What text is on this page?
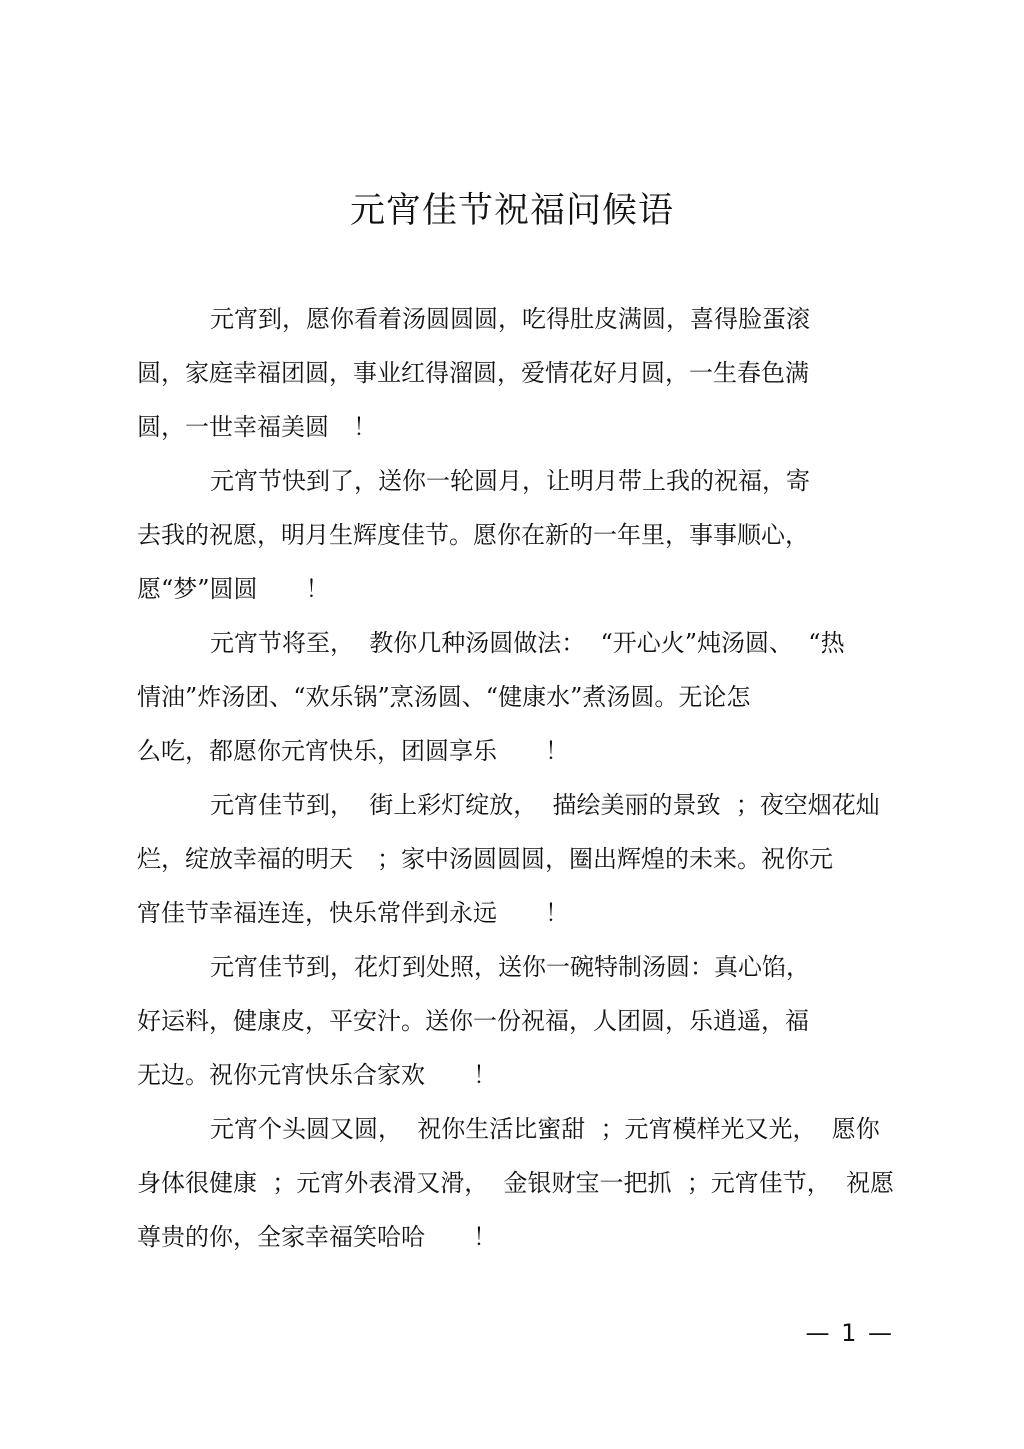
元宵佳节祝福问候语

元宵到，愿你看着汤圆圆圆，吃得肚皮满圆，喜得脸蛋滚
圆，家庭幸福团圆，事业红得溜圆，爱情花好月圆，一生春色满
圆，一世幸福美圆　！

元宵节快到了，送你一轮圆月，让明月带上我的祝福，寄
去我的祝愿，明月生辉度佳节。愿你在新的一年里，事事顺心，
愿“梦”圆圆　　！

元宵节将至，  教你几种汤圆做法：  “开心火”炖汤圆、  “热
情油”炸汤团、“欢乐锅”烹汤圆、“健康水”煮汤圆。无论怎
么吃，都愿你元宵快乐，团圆享乐　　！

元宵佳节到，  街上彩灯绽放，  描绘美丽的景致  ；夜空烟花灿
烂，绽放幸福的明天　；家中汤圆圆圆，圈出辉煌的未来。祝你元
宵佳节幸福连连，快乐常伴到永远　　！

元宵佳节到，花灯到处照，送你一碗特制汤圆：真心馅，
好运料，健康皮，平安汁。送你一份祝福，人团圆，乐逍遥，福
无边。祝你元宵快乐合家欢　　！

元宵个头圆又圆，  祝你生活比蜜甜  ；元宵模样光又光，  愿你
身体很健康  ；元宵外表滑又滑，  金银财宝一把抓  ；元宵佳节，  祝愿
尊贵的你，全家幸福笑哈哈　　！

— 1 —
